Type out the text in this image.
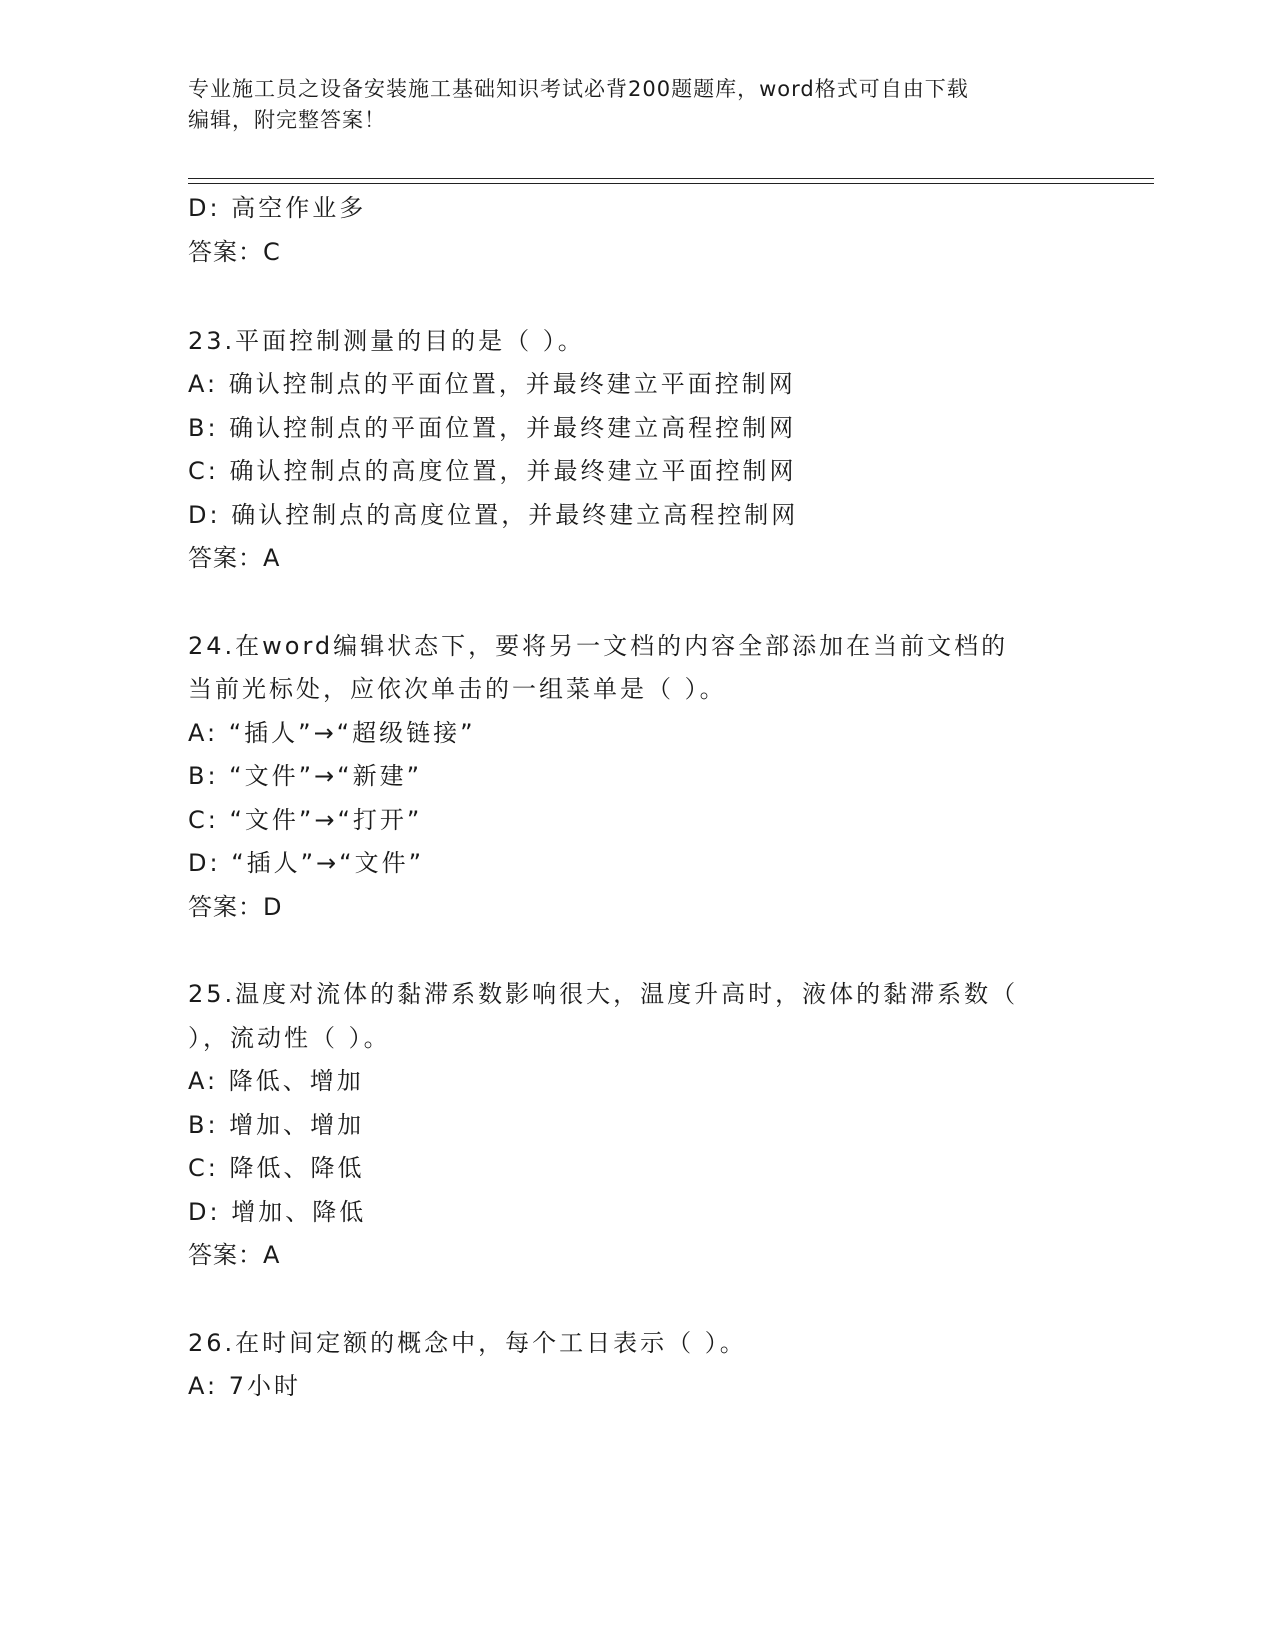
专业施工员之设备安装施工基础知识考试必背200题题库，word格式可自由下载
编辑，附完整答案！
D: 高空作业多
答案：C
23.平面控制测量的目的是（ ）。
A: 确认控制点的平面位置，并最终建立平面控制网
B: 确认控制点的平面位置，并最终建立高程控制网
C: 确认控制点的高度位置，并最终建立平面控制网
D: 确认控制点的高度位置，并最终建立高程控制网
答案：A
24.在word编辑状态下，要将另一文档的内容全部添加在当前文档的
当前光标处，应依次单击的一组菜单是（ ）。
A: “插人”→“超级链接”
B: “文件”→“新建”
C: “文件”→“打开”
D: “插人”→“文件”
答案：D
25.温度对流体的黏滞系数影响很大，温度升高时，液体的黏滞系数（
），流动性（ ）。
A: 降低、增加
B: 增加、增加
C: 降低、降低
D: 增加、降低
答案：A
26.在时间定额的概念中，每个工日表示（ ）。
A: 7小时
